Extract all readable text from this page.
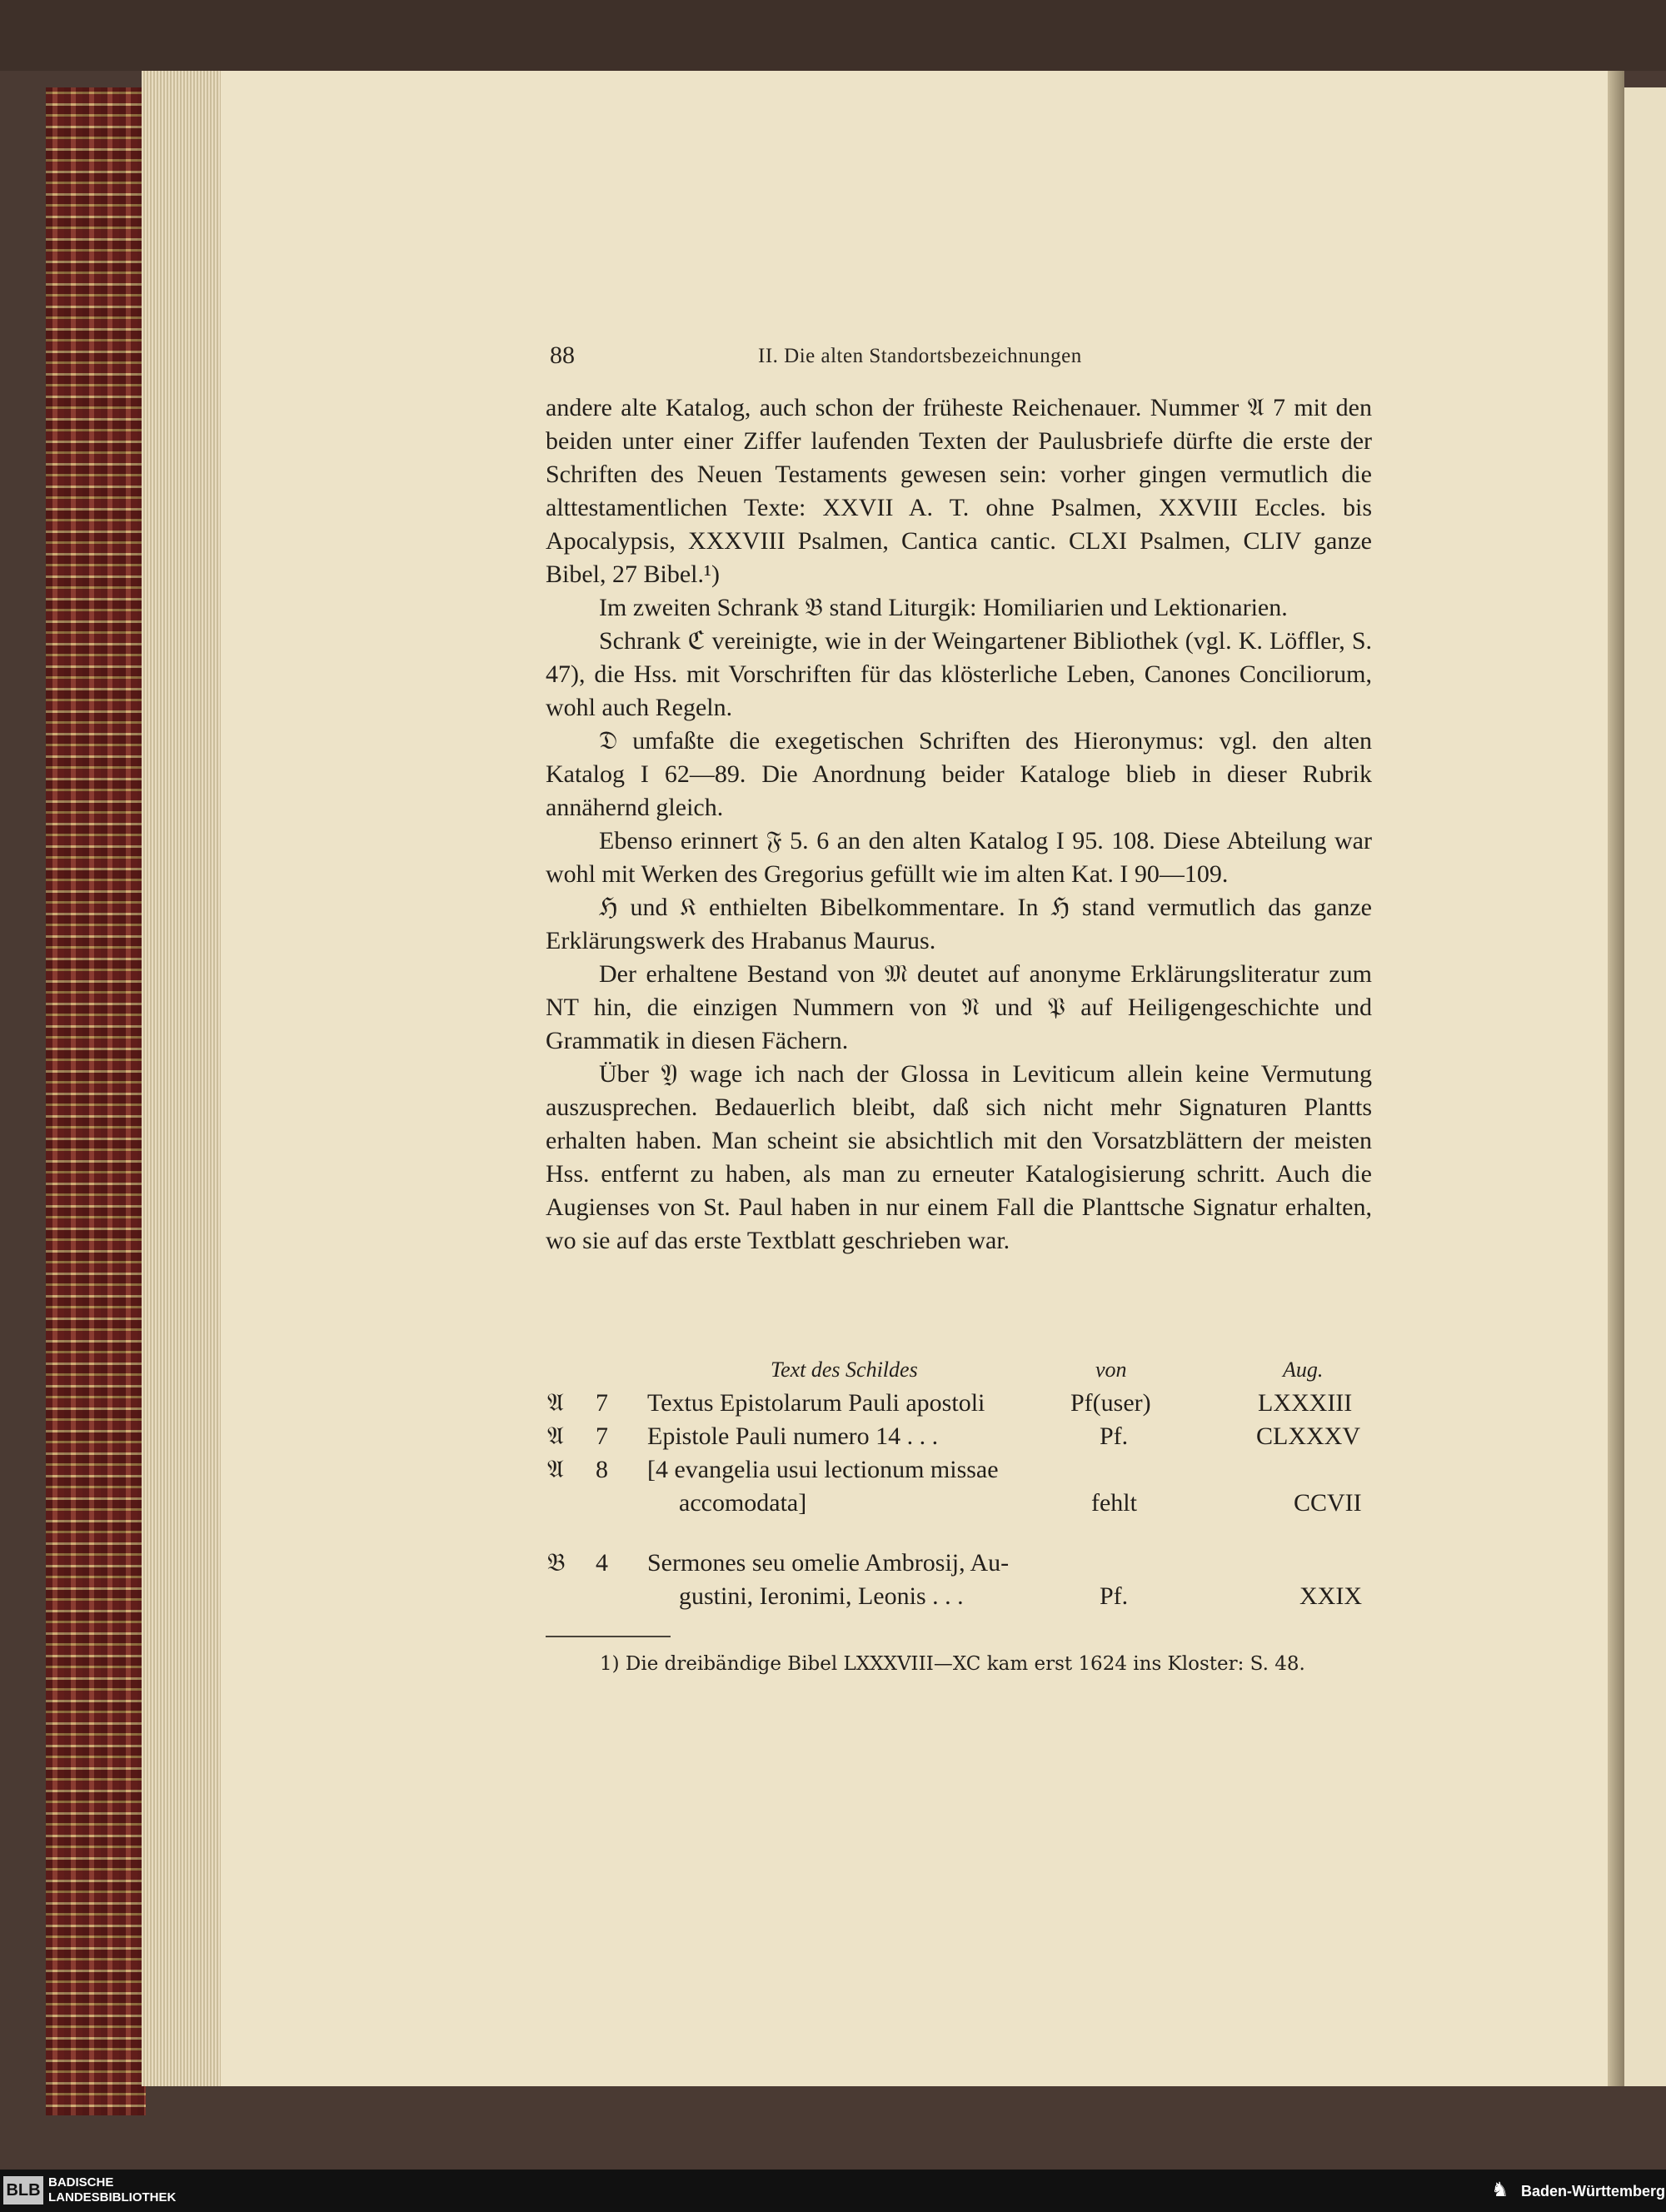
88	II. Die alten Standortsbezeichnungen

andere alte Katalog, auch schon der früheste Reichenauer. Nummer 𝔄 7 mit den beiden unter einer Ziffer laufenden Texten der Paulusbriefe dürfte die erste der Schriften des Neuen Testaments gewesen sein: vorher gingen vermutlich die alttestamentlichen Texte: XXVII A. T. ohne Psalmen, XXVIII Eccles. bis Apocalypsis, XXXVIII Psalmen, Cantica cantic. CLXI Psalmen, CLIV ganze Bibel, 27 Bibel.¹)

Im zweiten Schrank 𝔅 stand Liturgik: Homiliarien und Lektionarien.

Schrank ℭ vereinigte, wie in der Weingartener Bibliothek (vgl. K. Löffler, S. 47), die Hss. mit Vorschriften für das klösterliche Leben, Canones Conciliorum, wohl auch Regeln.

𝔇 umfaßte die exegetischen Schriften des Hieronymus: vgl. den alten Katalog I 62—89. Die Anordnung beider Kataloge blieb in dieser Rubrik annähernd gleich.

Ebenso erinnert 𝔉 5. 6 an den alten Katalog I 95. 108. Diese Abteilung war wohl mit Werken des Gregorius gefüllt wie im alten Kat. I 90—109.

ℌ und 𝔎 enthielten Bibelkommentare. In ℌ stand vermutlich das ganze Erklärungswerk des Hrabanus Maurus.

Der erhaltene Bestand von 𝔐 deutet auf anonyme Erklärungsliteratur zum NT hin, die einzigen Nummern von 𝔑 und 𝔓 auf Heiligengeschichte und Grammatik in diesen Fächern.

Über 𝔜 wage ich nach der Glossa in Leviticum allein keine Vermutung auszusprechen. Bedauerlich bleibt, daß sich nicht mehr Signaturen Plantts erhalten haben. Man scheint sie absichtlich mit den Vorsatzblättern der meisten Hss. entfernt zu haben, als man zu erneuter Katalogisierung schritt. Auch die Augienses von St. Paul haben in nur einem Fall die Planttsche Signatur erhalten, wo sie auf das erste Textblatt geschrieben war.

Text des Schildes	von	Aug.
𝔄 7 Textus Epistolarum Pauli apostoli	Pf(user)	LXXXIII
𝔄 7 Epistole Pauli numero 14 . . .	Pf.	CLXXXV
𝔄 8 [4 evangelia usui lectionum missae
accomodata]	fehlt	CCVII
𝔅 4 Sermones seu omelie Ambrosij, Au-
gustini, Ieronimi, Leonis . . .	Pf.	XXIX
1) Die dreibändige Bibel LXXXVIII—XC kam erst 1624 ins Kloster: S. 48.
BLB BADISCHE
LANDESBIBLIOTHEK	♞ Baden-Württemberg
